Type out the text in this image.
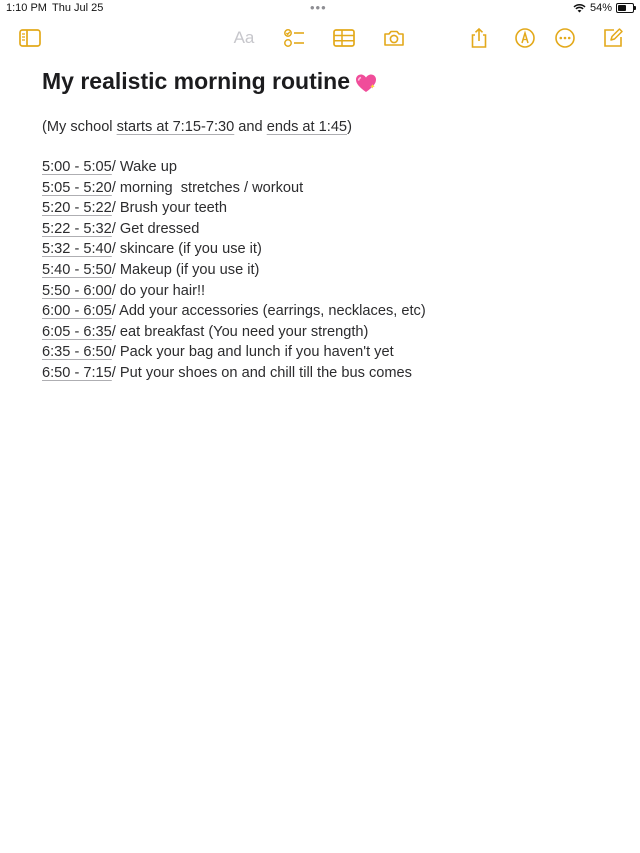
1:10 PM Thu Jul 25	•••	54%
Aa
My realistic morning routine
(My school starts at 7:15-7:30 and ends at 1:45)
5:00 - 5:05/ Wake up
5:05 - 5:20/ morning  stretches / workout
5:20 - 5:22/ Brush your teeth
5:22 - 5:32/ Get dressed
5:32 - 5:40/ skincare (if you use it)
5:40 - 5:50/ Makeup (if you use it)
5:50 - 6:00/ do your hair!!
6:00 - 6:05/ Add your accessories (earrings, necklaces, etc)
6:05 - 6:35/ eat breakfast (You need your strength)
6:35 - 6:50/ Pack your bag and lunch if you haven't yet
6:50 - 7:15/ Put your shoes on and chill till the bus comes
